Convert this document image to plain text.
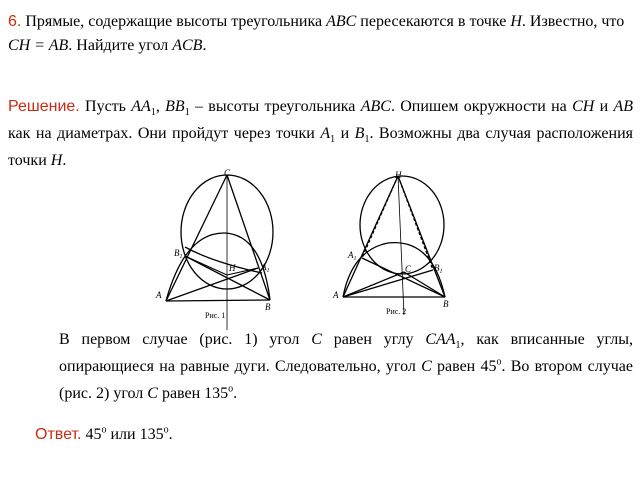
6. Прямые, содержащие высоты треугольника ABC пересекаются в точке H. Известно, что CH = AB. Найдите угол ACB.

Решение. Пусть $AA_1$, $BB_1$ – высоты треугольника ABC. Опишем окружности на CH и AB как на диаметрах. Они пройдут через точки $A_1$ и $B_1$. Возможны два случая расположения точки H.

C
$B_1$
H	$A_1$
A
B
Рис. 1
H
$A_1$
C	$B_1$
A
B
Рис. 2

В первом случае (рис. 1) угол C равен углу $CAA_1$, как вписанные углы, опирающиеся на равные дуги. Следовательно, угол C равен $45^о$. Во втором случае (рис. 2) угол C равен $135^о$.

Ответ. $45^о$ или $135^о$.
